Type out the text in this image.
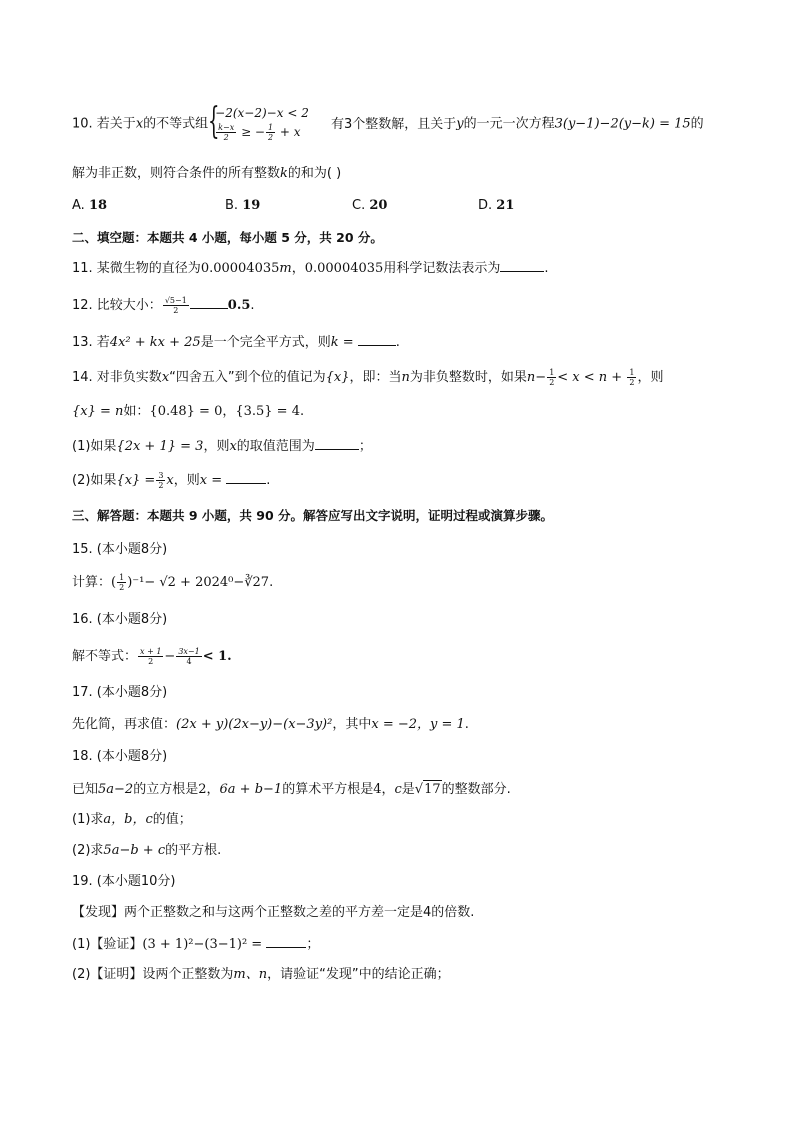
10. 若关于x的不等式组 {
−2(x−2)−x < 2
$\frac{k-x}{2}$ ≥ − $\frac{1}{2} + x$
有3个整数解，且关于y的一元一次方程3(y−1)−2(y−k) = 15的
解为非正数，则符合条件的所有整数k的和为( )
A. 18	B. 19	C. 20	D. 21
二、填空题：本题共 4 小题，每小题 5 分，共 20 分。
11. 某微生物的直径为0.00004035m，0.00004035用科学记数法表示为	.
12. 比较大小： $\frac{√5-1}{2}$	0.5.
13. 若4x² + kx + 25是一个完全平方式，则k =	.
14. 对非负实数x“四舍五入”到个位的值记为{x}，即：当n为非负整数时，如果$n- \frac{1}{2} < x < n + \frac{1}{2}$ ，则
{x} = n如：{0.48} = 0，{3.5} = 4.
(1)如果{2x + 1} = 3，则x的取值范围为	；
(2)如果$\{x\} = \frac{3}{2}$ x，则x =	.
三、解答题：本题共 9 小题，共 90 分。解答应写出文字说明，证明过程或演算步骤。
15. (本小题8分)
计算：( $\frac{1}{2} )^{-1}- √2$ + 2024⁰−∛27.
16. (本小题8分)
解不等式： $\frac{x + 1}{2} - \frac{3x-1}{4} < 1$.
17. (本小题8分)
先化简，再求值：(2x + y)(2x−y)−(x−3y)²，其中x = −2，y = 1.
18. (本小题8分)
已知5a−2的立方根是2，6a + b−1的算术平方根是4，c是√17的整数部分.
(1)求a，b，c的值；
(2)求5a−b + c的平方根.
19. (本小题10分)
【发现】两个正整数之和与这两个正整数之差的平方差一定是4的倍数.
(1)【验证】(3 + 1)²−(3−1)² =	；
(2)【证明】设两个正整数为m、n，请验证“发现”中的结论正确；
